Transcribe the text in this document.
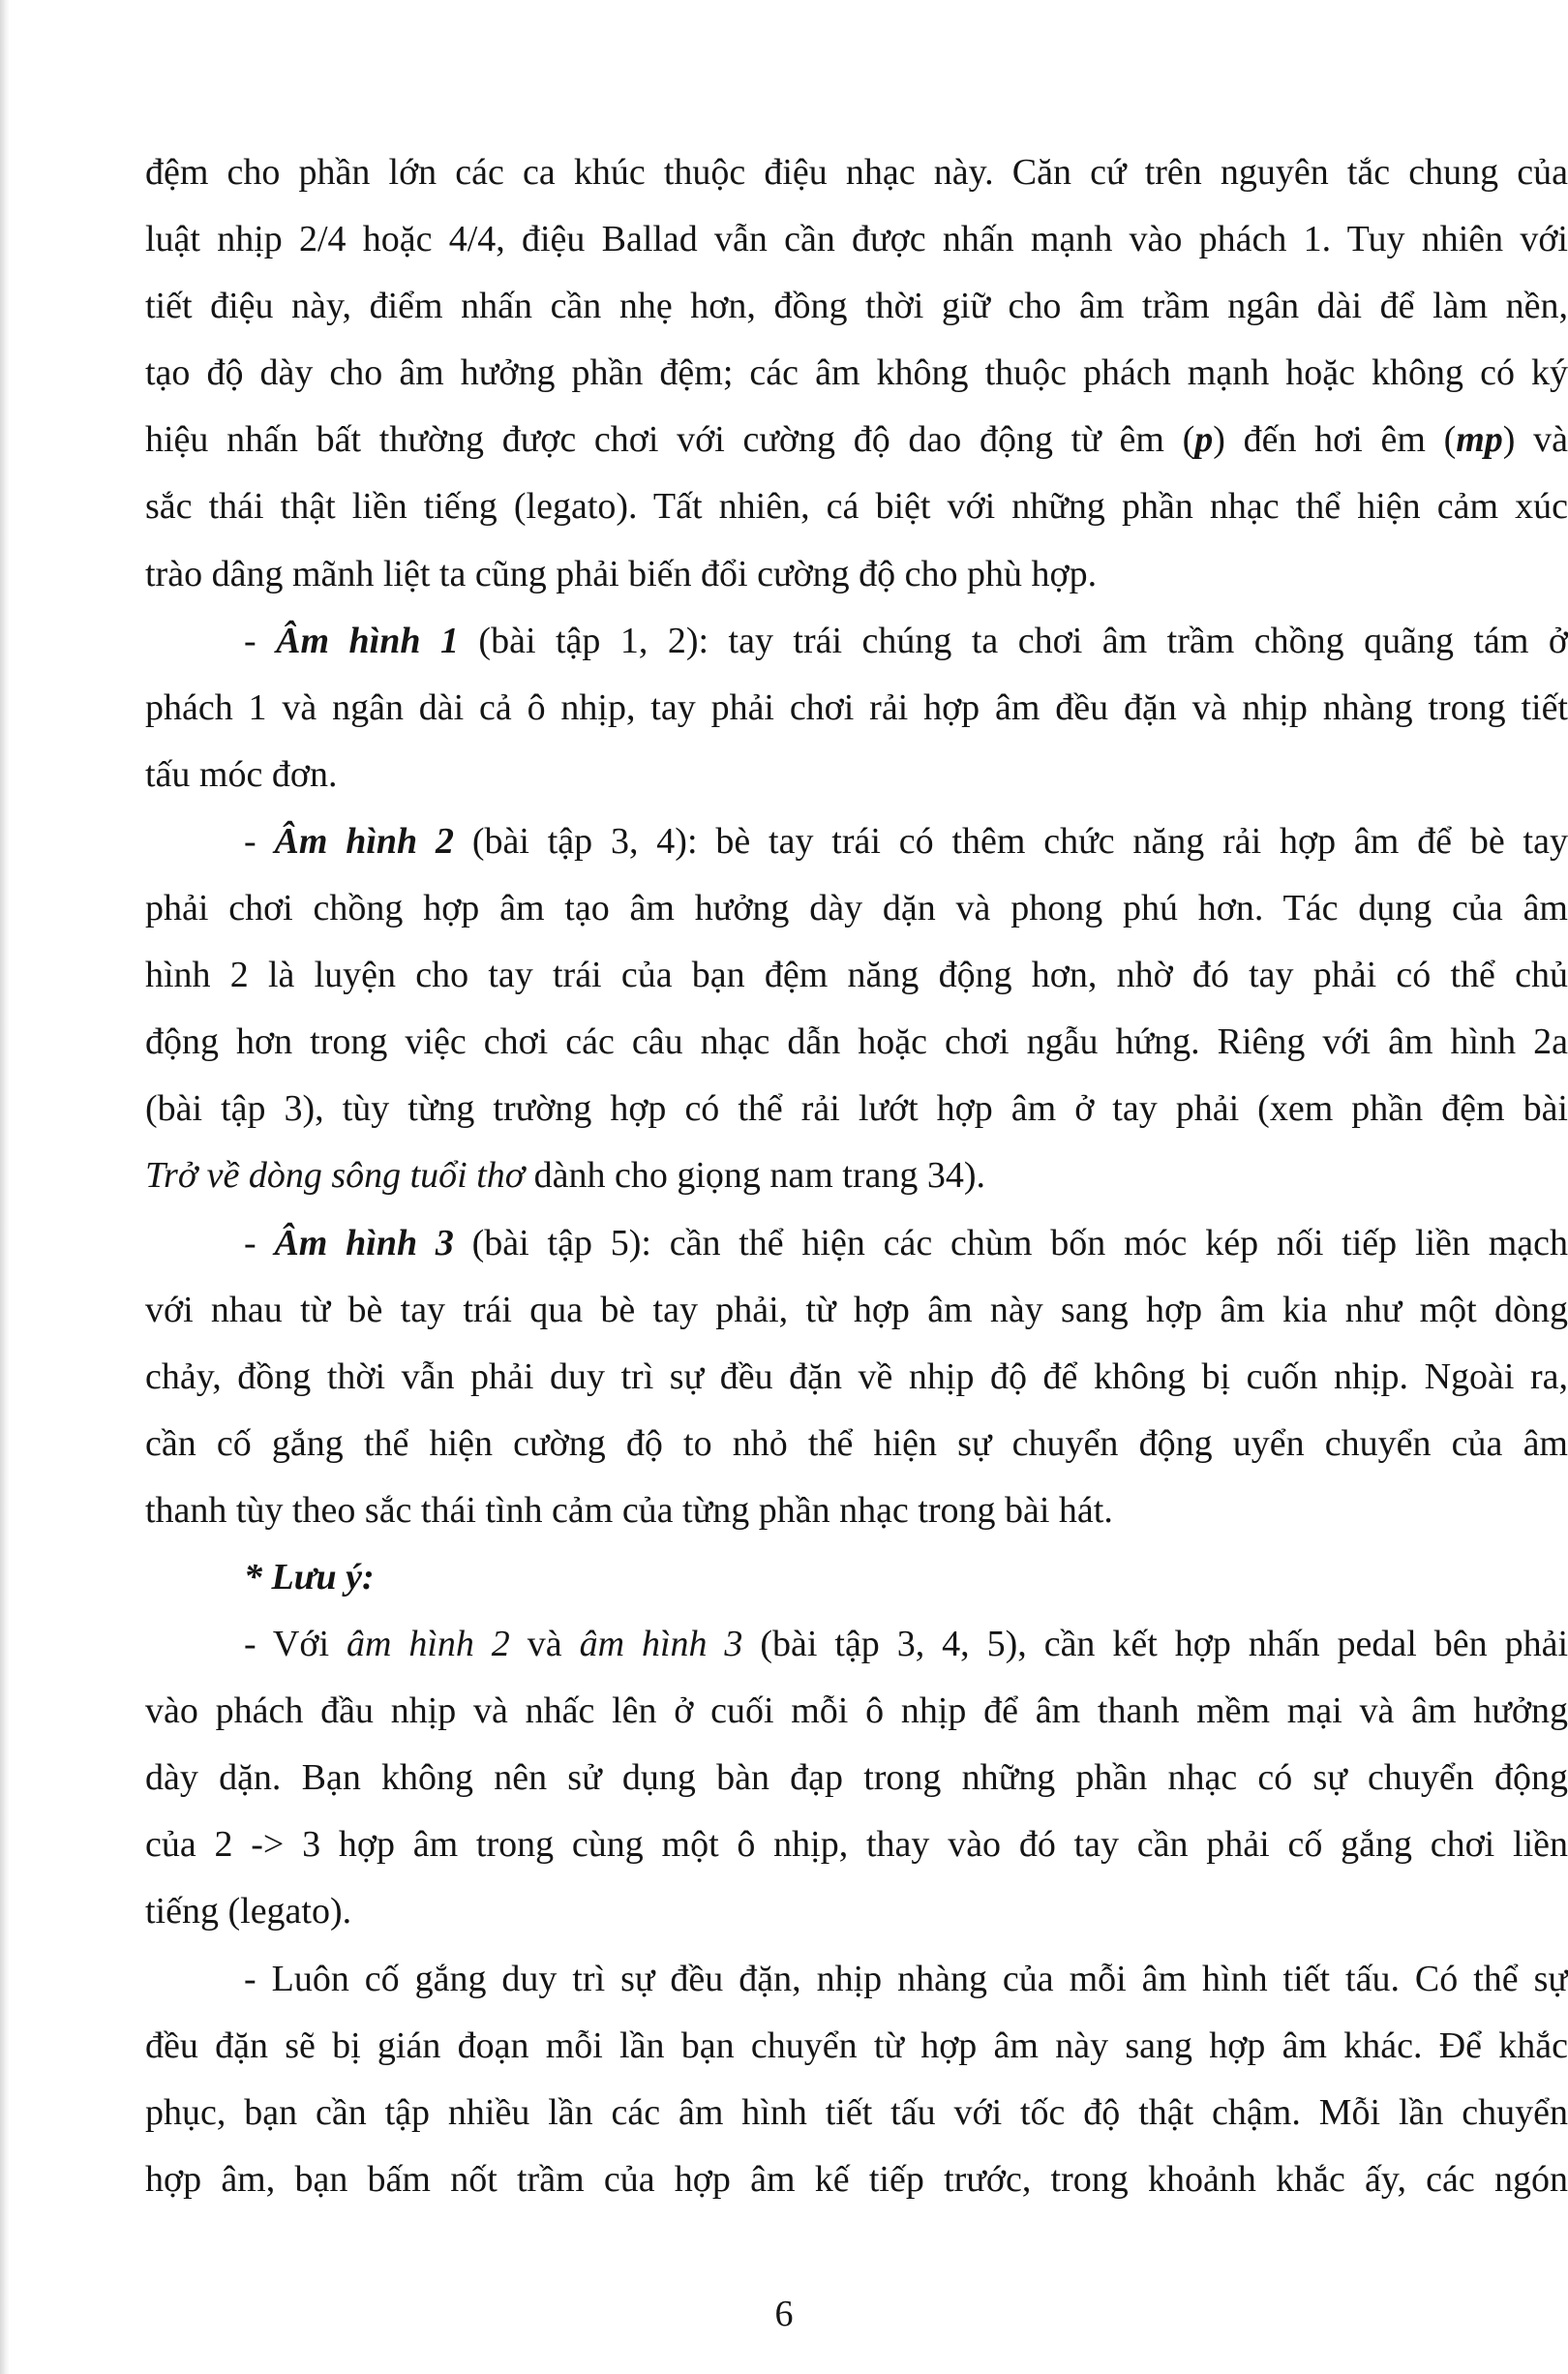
đệm cho phần lớn các ca khúc thuộc điệu nhạc này. Căn cứ trên nguyên tắc chung của
luật nhịp 2/4 hoặc 4/4, điệu Ballad vẫn cần được nhấn mạnh vào phách 1. Tuy nhiên với
tiết điệu này, điểm nhấn cần nhẹ hơn, đồng thời giữ cho âm trầm ngân dài để làm nền,
tạo độ dày cho âm hưởng phần đệm; các âm không thuộc phách mạnh hoặc không có ký
hiệu nhấn bất thường được chơi với cường độ dao động từ êm (p) đến hơi êm (mp) và
sắc thái thật liền tiếng (legato). Tất nhiên, cá biệt với những phần nhạc thể hiện cảm xúc
trào dâng mãnh liệt ta cũng phải biến đổi cường độ cho phù hợp.
- Âm hình 1 (bài tập 1, 2): tay trái chúng ta chơi âm trầm chồng quãng tám ở
phách 1 và ngân dài cả ô nhịp, tay phải chơi rải hợp âm đều đặn và nhịp nhàng trong tiết
tấu móc đơn.
- Âm hình 2 (bài tập 3, 4): bè tay trái có thêm chức năng rải hợp âm để bè tay
phải chơi chồng hợp âm tạo âm hưởng dày dặn và phong phú hơn. Tác dụng của âm
hình 2 là luyện cho tay trái của bạn đệm năng động hơn, nhờ đó tay phải có thể chủ
động hơn trong việc chơi các câu nhạc dẫn hoặc chơi ngẫu hứng. Riêng với âm hình 2a
(bài tập 3), tùy từng trường hợp có thể rải lướt hợp âm ở tay phải (xem phần đệm bài
Trở về dòng sông tuổi thơ dành cho giọng nam trang 34).
- Âm hình 3 (bài tập 5): cần thể hiện các chùm bốn móc kép nối tiếp liền mạch
với nhau từ bè tay trái qua bè tay phải, từ hợp âm này sang hợp âm kia như một dòng
chảy, đồng thời vẫn phải duy trì sự đều đặn về nhịp độ để không bị cuốn nhịp. Ngoài ra,
cần cố gắng thể hiện cường độ to nhỏ thể hiện sự chuyển động uyển chuyển của âm
thanh tùy theo sắc thái tình cảm của từng phần nhạc trong bài hát.
* Lưu ý:
- Với âm hình 2 và âm hình 3 (bài tập 3, 4, 5), cần kết hợp nhấn pedal bên phải
vào phách đầu nhịp và nhấc lên ở cuối mỗi ô nhịp để âm thanh mềm mại và âm hưởng
dày dặn. Bạn không nên sử dụng bàn đạp trong những phần nhạc có sự chuyển động
của 2 -> 3 hợp âm trong cùng một ô nhịp, thay vào đó tay cần phải cố gắng chơi liền
tiếng (legato).
- Luôn cố gắng duy trì sự đều đặn, nhịp nhàng của mỗi âm hình tiết tấu. Có thể sự
đều đặn sẽ bị gián đoạn mỗi lần bạn chuyển từ hợp âm này sang hợp âm khác. Để khắc
phục, bạn cần tập nhiều lần các âm hình tiết tấu với tốc độ thật chậm. Mỗi lần chuyển
hợp âm, bạn bấm nốt trầm của hợp âm kế tiếp trước, trong khoảnh khắc ấy, các ngón
6
